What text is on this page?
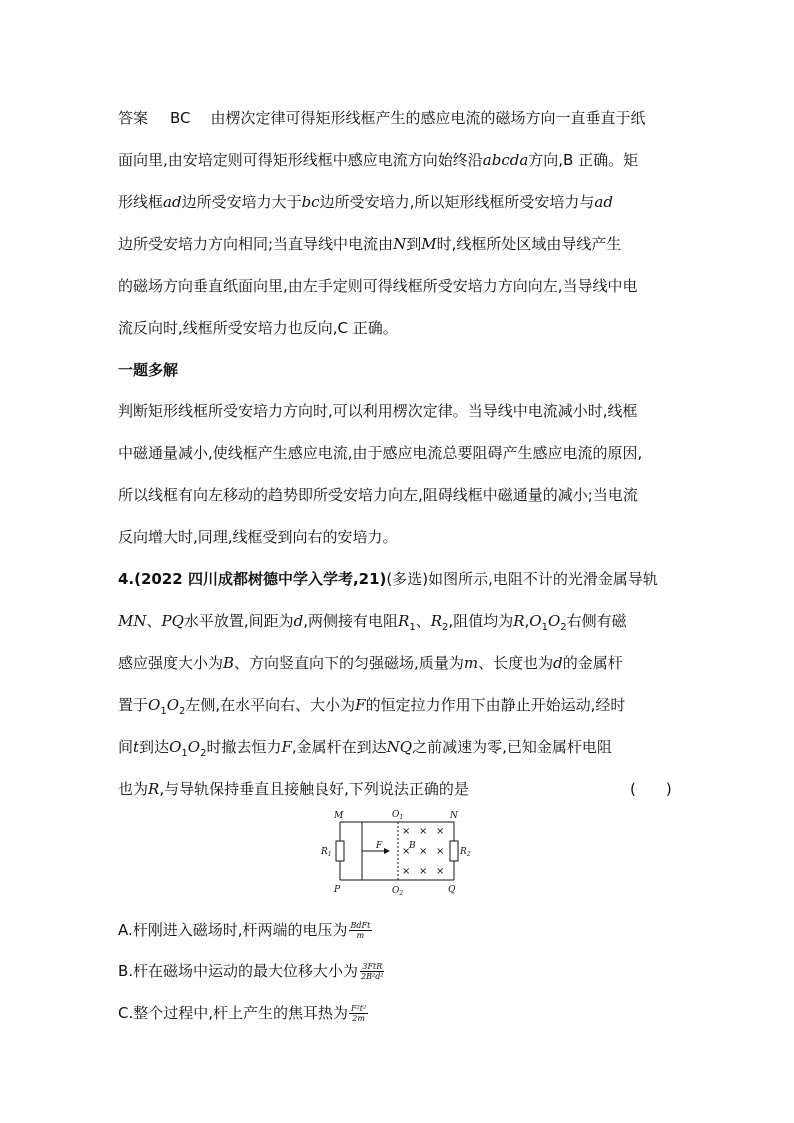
答案 BC 由楞次定律可得矩形线框产生的感应电流的磁场方向一直垂直于纸
面向里,由安培定则可得矩形线框中感应电流方向始终沿abcda方向,B 正确。矩
形线框ad边所受安培力大于bc边所受安培力,所以矩形线框所受安培力与ad
边所受安培力方向相同;当直导线中电流由N到M时,线框所处区域由导线产生
的磁场方向垂直纸面向里,由左手定则可得线框所受安培力方向向左,当导线中电
流反向时,线框所受安培力也反向,C 正确。
一题多解
判断矩形线框所受安培力方向时,可以利用楞次定律。当导线中电流减小时,线框
中磁通量减小,使线框产生感应电流,由于感应电流总要阻碍产生感应电流的原因,
所以线框有向左移动的趋势即所受安培力向左,阻碍线框中磁通量的减小;当电流
反向增大时,同理,线框受到向右的安培力。
4.(2022 四川成都树德中学入学考,21)(多选)如图所示,电阻不计的光滑金属导轨
MN、PQ水平放置,间距为d,两侧接有电阻$R_1$、$R_2$,阻值均为$R,O_1O_2$右侧有磁
感应强度大小为B、方向竖直向下的匀强磁场,质量为m、长度也为d的金属杆
置于$O_1O_2$左侧,在水平向右、大小为F的恒定拉力作用下由静止开始运动,经时
间t到达$O_1O_2$时撤去恒力F,金属杆在到达NQ之前减速为零,已知金属杆电阻
也为R,与导轨保持垂直且接触良好,下列说法正确的是	(　　)
M	N
P	Q
$O_1$
$O_2$
$R_1$	$R_2$
F	B
× × ×
× × ×
× × ×
A.杆刚进入磁场时,杆两端的电压为 $\frac{\text{BdFt}}{m}$
B.杆在磁场中运动的最大位移大小为 $\frac{\text{3FtR}}{\text{2B²d²}}$
C.整个过程中,杆上产生的焦耳热为 $\frac{\text{F²t²}}{2m}$
